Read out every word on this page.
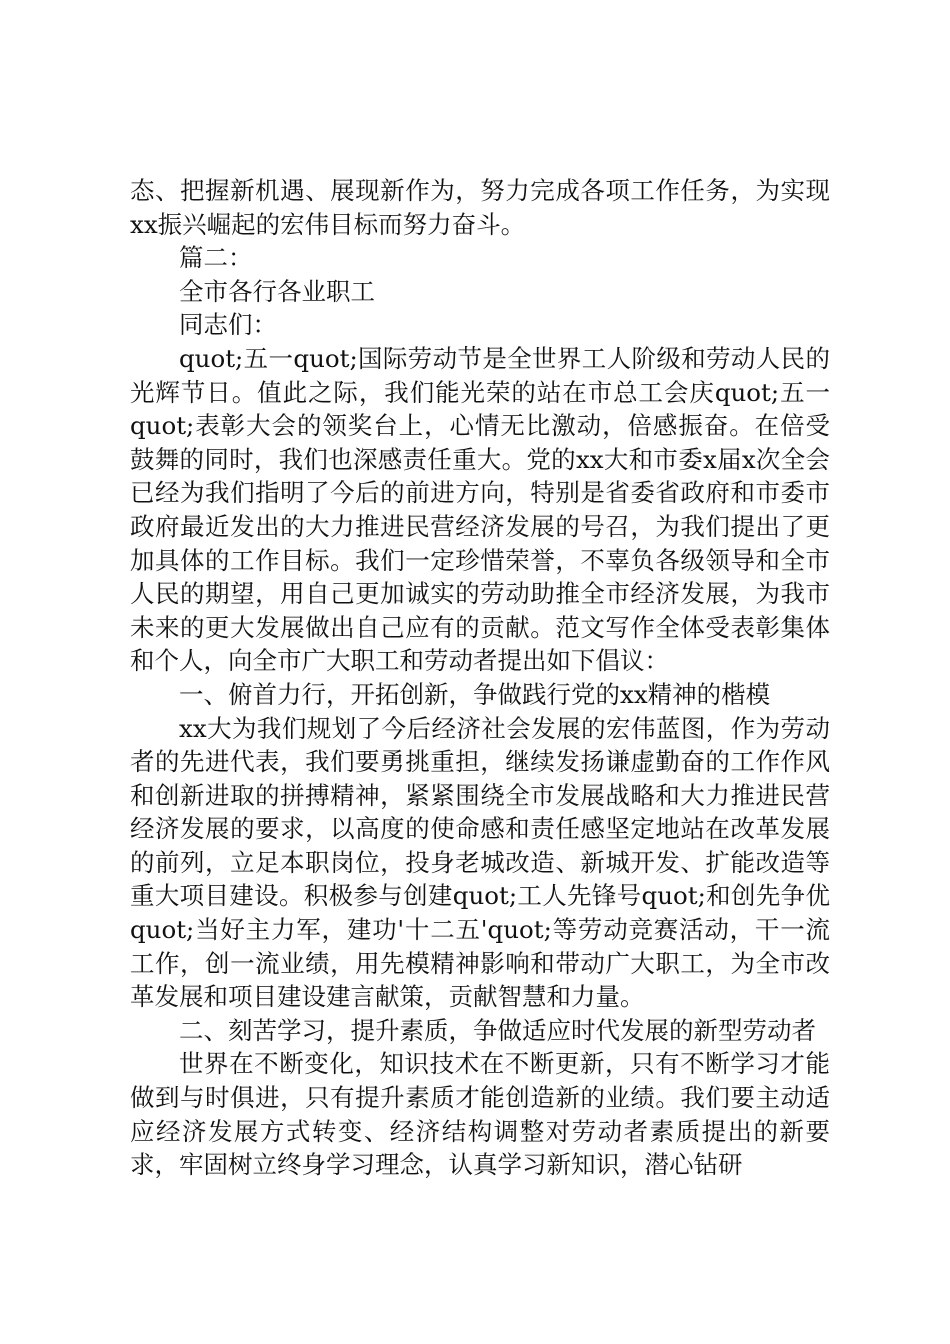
态、把握新机遇、展现新作为，努力完成各项工作任务，为实现xx振兴崛起的宏伟目标而努力奋斗。

篇二：

全市各行各业职工

同志们：

quot;五一quot;国际劳动节是全世界工人阶级和劳动人民的光辉节日。值此之际，我们能光荣的站在市总工会庆quot;五一quot;表彰大会的领奖台上，心情无比激动，倍感振奋。在倍受鼓舞的同时，我们也深感责任重大。党的xx大和市委x届x次全会已经为我们指明了今后的前进方向，特别是省委省政府和市委市政府最近发出的大力推进民营经济发展的号召，为我们提出了更加具体的工作目标。我们一定珍惜荣誉，不辜负各级领导和全市人民的期望，用自己更加诚实的劳动助推全市经济发展，为我市未来的更大发展做出自己应有的贡献。范文写作全体受表彰集体和个人，向全市广大职工和劳动者提出如下倡议：

一、俯首力行，开拓创新，争做践行党的xx精神的楷模

xx大为我们规划了今后经济社会发展的宏伟蓝图，作为劳动者的先进代表，我们要勇挑重担，继续发扬谦虚勤奋的工作作风和创新进取的拼搏精神，紧紧围绕全市发展战略和大力推进民营经济发展的要求，以高度的使命感和责任感坚定地站在改革发展的前列，立足本职岗位，投身老城改造、新城开发、扩能改造等重大项目建设。积极参与创建quot;工人先锋号quot;和创先争优quot;当好主力军，建功'十二五'quot;等劳动竞赛活动，干一流工作，创一流业绩，用先模精神影响和带动广大职工，为全市改革发展和项目建设建言献策，贡献智慧和力量。

二、刻苦学习，提升素质，争做适应时代发展的新型劳动者

世界在不断变化，知识技术在不断更新，只有不断学习才能做到与时俱进，只有提升素质才能创造新的业绩。我们要主动适应经济发展方式转变、经济结构调整对劳动者素质提出的新要求，牢固树立终身学习理念，认真学习新知识，潜心钻研
